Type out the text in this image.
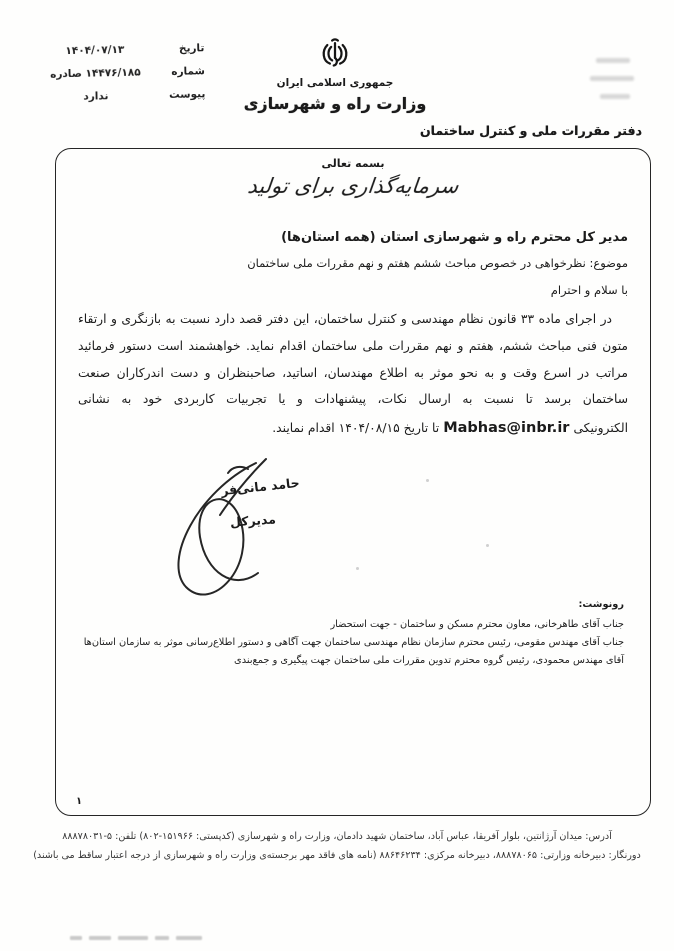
تاریخ
۱۴۰۴/۰۷/۱۳
شماره
۱۴۴۷۶/۱۸۵ صادره
پیوست
ندارد
جمهوری اسلامی ایران
وزارت راه و شهرسازی
دفتر مقررات ملی و کنترل ساختمان
بسمه تعالی
سرمایه‌گذاری برای تولید
مدیر کل محترم راه و شهرسازی استان (همه استان‌ها)
موضوع: نظرخواهی در خصوص مباحث ششم هفتم و نهم مقررات ملی ساختمان
با سلام و احترام

در اجرای ماده ۳۳ قانون نظام مهندسی و کنترل ساختمان، این دفتر قصد دارد نسبت به بازنگری و ارتقاء متون فنی مباحث ششم، هفتم و نهم مقررات ملی ساختمان اقدام نماید. خواهشمند است دستور فرمائید مراتب در اسرع وقت و به نحو موثر به اطلاع مهندسان، اساتید، صاحبنظران و دست اندرکاران صنعت ساختمان برسد تا نسبت به ارسال نکات، پیشنهادات و یا تجربیات کاربردی خود به نشانی الکترونیکیMabhas@inbr.irتا تاریخ ۱۴۰۴/۰۸/۱۵ اقدام نمایند.

حامد مانی‌فر
مدیرکل
رونوشت:
جناب آقای طاهرخانی، معاون محترم مسکن و ساختمان - جهت استحضار
جناب آقای مهندس مقومی، رئیس محترم سازمان نظام مهندسی ساختمان جهت آگاهی و دستور اطلاع‌رسانی موثر به سازمان استان‌ها
آقای مهندس محمودی، رئیس گروه محترم تدوین مقررات ملی ساختمان جهت پیگیری و جمع‌بندی
۱
آدرس: میدان آرژانتین، بلوار آفریقا، عباس آباد، ساختمان شهید دادمان، وزارت راه و شهرسازی (کدپستی: ۱۵۱۹۶۶-۸۰۲) تلفن: ۵-۸۸۸۷۸۰۳۱
دورنگار: دبیرخانه وزارتی: ۸۸۸۷۸۰۶۵، دبیرخانه مرکزی: ۸۸۶۴۶۲۳۴ (نامه های فاقد مهر برجسته‌ی وزارت راه و شهرسازی از درجه اعتبار ساقط می باشند)
